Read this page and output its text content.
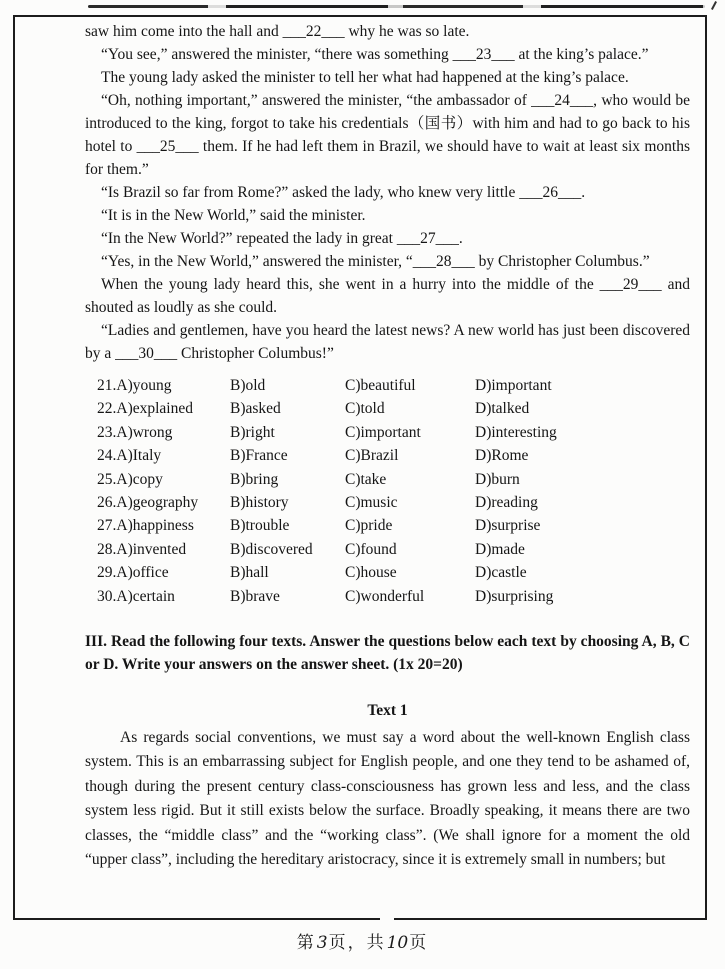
saw him come into the hall and ___22___ why he was so late.

“You see,” answered the minister, “there was something ___23___ at the king’s palace.”

The young lady asked the minister to tell her what had happened at the king’s palace.

“Oh, nothing important,” answered the minister, “the ambassador of ___24___, who would be introduced to the king, forgot to take his credentials（国书）with him and had to go back to his hotel to ___25___ them. If he had left them in Brazil, we should have to wait at least six months for them.”

“Is Brazil so far from Rome?” asked the lady, who knew very little ___26___.

“It is in the New World,” said the minister.

“In the New World?” repeated the lady in great ___27___.

“Yes, in the New World,” answered the minister, “___28___ by Christopher Columbus.”

When the young lady heard this, she went in a hurry into the middle of the ___29___ and shouted as loudly as she could.

“Ladies and gentlemen, have you heard the latest news? A new world has just been discovered by a ___30___ Christopher Columbus!”

21.A)young	B)old	C)beautiful	D)important
22.A)explained	B)asked	C)told	D)talked
23.A)wrong	B)right	C)important	D)interesting
24.A)Italy	B)France	C)Brazil	D)Rome
25.A)copy	B)bring	C)take	D)burn
26.A)geography	B)history	C)music	D)reading
27.A)happiness	B)trouble	C)pride	D)surprise
28.A)invented	B)discovered	C)found	D)made
29.A)office	B)hall	C)house	D)castle
30.A)certain	B)brave	C)wonderful	D)surprising

III. Read the following four texts. Answer the questions below each text by choosing A, B, C or D. Write your answers on the answer sheet. (1x 20=20)

Text 1

As regards social conventions, we must say a word about the well-known English class system. This is an embarrassing subject for English people, and one they tend to be ashamed of, though during the present century class-consciousness has grown less and less, and the class system less rigid. But it still exists below the surface. Broadly speaking, it means there are two classes, the “middle class” and the “working class”. (We shall ignore for a moment the old “upper class”, including the hereditary aristocracy, since it is extremely small in numbers; but

第3页，共10页
